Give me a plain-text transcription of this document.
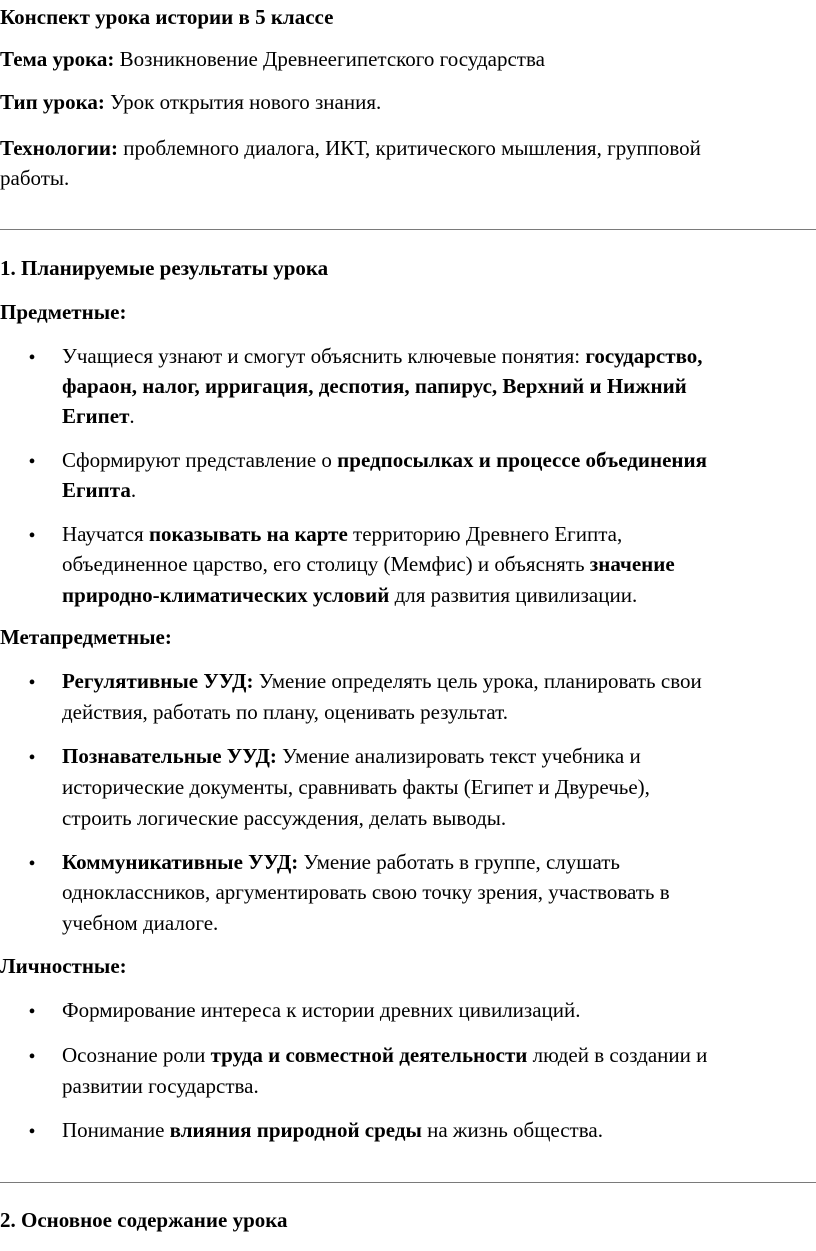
Конспект урока истории в 5 классе
Тема урока: Возникновение Древнеегипетского государства
Тип урока: Урок открытия нового знания.
Технологии: проблемного диалога, ИКТ, критического мышления, групповой
работы.
1. Планируемые результаты урока
Предметные:
• Учащиеся узнают и смогут объяснить ключевые понятия: государство,
фараон, налог, ирригация, деспотия, папирус, Верхний и Нижний
Египет.
• Сформируют представление о предпосылках и процессе объединения
Египта.
• Научатся показывать на карте территорию Древнего Египта,
объединенное царство, его столицу (Мемфис) и объяснять значение
природно-климатических условий для развития цивилизации.
Метапредметные:
• Регулятивные УУД: Умение определять цель урока, планировать свои
действия, работать по плану, оценивать результат.
• Познавательные УУД: Умение анализировать текст учебника и
исторические документы, сравнивать факты (Египет и Двуречье),
строить логические рассуждения, делать выводы.
• Коммуникативные УУД: Умение работать в группе, слушать
одноклассников, аргументировать свою точку зрения, участвовать в
учебном диалоге.
Личностные:
• Формирование интереса к истории древних цивилизаций.
• Осознание роли труда и совместной деятельности людей в создании и
развитии государства.
• Понимание влияния природной среды на жизнь общества.
2. Основное содержание урока
